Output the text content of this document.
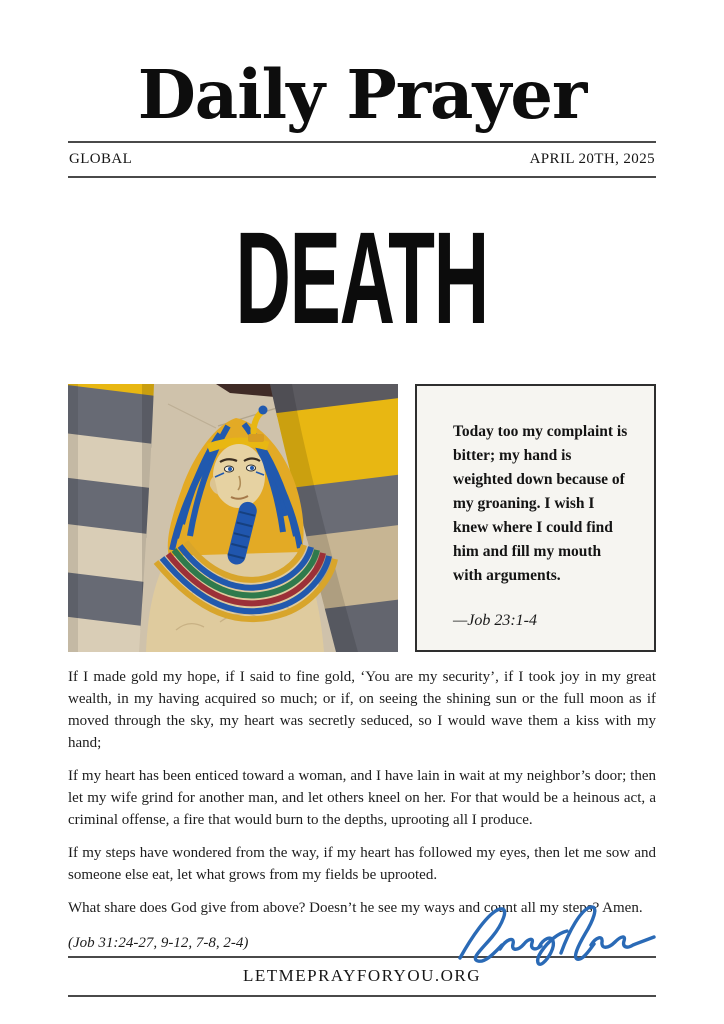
Daily Prayer
GLOBAL	APRIL 20TH, 2025
DEATH
Today too my complaint is bitter; my hand is weighted down because of my groaning. I wish I knew where I could find him and fill my mouth with arguments.
—Job 23:1-4

If I made gold my hope, if I said to fine gold, ‘You are my security’, if I took joy in my great wealth, in my having acquired so much; or if, on seeing the shining sun or the full moon as if moved through the sky, my heart was secretly seduced, so I would wave them a kiss with my hand;

If my heart has been enticed toward a woman, and I have lain in wait at my neighbor’s door; then let my wife grind for another man, and let others kneel on her. For that would be a heinous act, a criminal offense, a fire that would burn to the depths, uprooting all I produce.

If my steps have wondered from the way, if my heart has followed my eyes, then let me sow and someone else eat, let what grows from my fields be uprooted.

What share does God give from above? Doesn’t he see my ways and count all my steps? Amen.

(Job 31:24-27, 9-12, 7-8, 2-4)
LETMEPRAYFORYOU.ORG
